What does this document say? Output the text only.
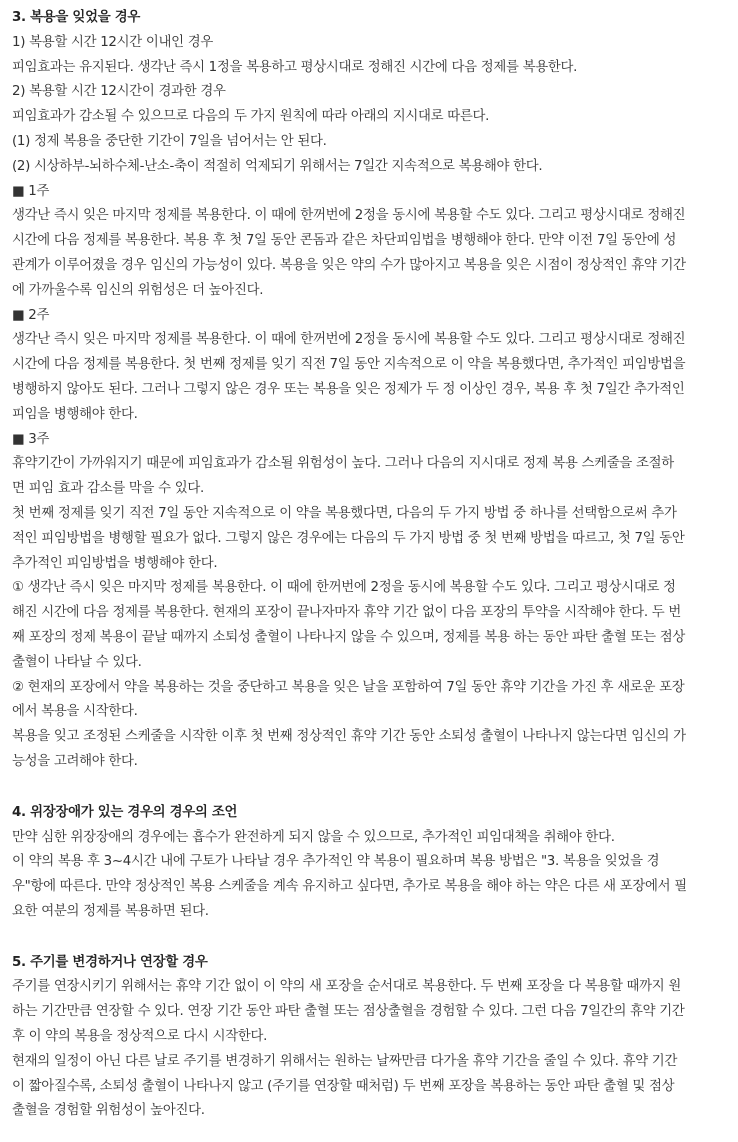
3. 복용을 잊었을 경우
1) 복용할 시간 12시간 이내인 경우
피임효과는 유지된다. 생각난 즉시 1정을 복용하고 평상시대로 정해진 시간에 다음 정제를 복용한다.
2) 복용할 시간 12시간이 경과한 경우
피임효과가 감소될 수 있으므로 다음의 두 가지 원칙에 따라 아래의 지시대로 따른다.
(1) 정제 복용을 중단한 기간이 7일을 넘어서는 안 된다.
(2) 시상하부-뇌하수체-난소-축이 적절히 억제되기 위해서는 7일간 지속적으로 복용해야 한다.
■ 1주
생각난 즉시 잊은 마지막 정제를 복용한다. 이 때에 한꺼번에 2정을 동시에 복용할 수도 있다. 그리고 평상시대로 정해진
시간에 다음 정제를 복용한다. 복용 후 첫 7일 동안 콘돔과 같은 차단피임법을 병행해야 한다. 만약 이전 7일 동안에 성
관계가 이루어졌을 경우 임신의 가능성이 있다. 복용을 잊은 약의 수가 많아지고 복용을 잊은 시점이 정상적인 휴약 기간
에 가까울수록 임신의 위험성은 더 높아진다.
■ 2주
생각난 즉시 잊은 마지막 정제를 복용한다. 이 때에 한꺼번에 2정을 동시에 복용할 수도 있다. 그리고 평상시대로 정해진
시간에 다음 정제를 복용한다. 첫 번째 정제를 잊기 직전 7일 동안 지속적으로 이 약을 복용했다면, 추가적인 피임방법을
병행하지 않아도 된다. 그러나 그렇지 않은 경우 또는 복용을 잊은 정제가 두 정 이상인 경우, 복용 후 첫 7일간 추가적인
피임을 병행해야 한다.
■ 3주
휴약기간이 가까워지기 때문에 피임효과가 감소될 위험성이 높다. 그러나 다음의 지시대로 정제 복용 스케줄을 조절하
면 피임 효과 감소를 막을 수 있다.
첫 번째 정제를 잊기 직전 7일 동안 지속적으로 이 약을 복용했다면, 다음의 두 가지 방법 중 하나를 선택함으로써 추가
적인 피임방법을 병행할 필요가 없다. 그렇지 않은 경우에는 다음의 두 가지 방법 중 첫 번째 방법을 따르고, 첫 7일 동안
추가적인 피임방법을 병행해야 한다.
① 생각난 즉시 잊은 마지막 정제를 복용한다. 이 때에 한꺼번에 2정을 동시에 복용할 수도 있다. 그리고 평상시대로 정
해진 시간에 다음 정제를 복용한다. 현재의 포장이 끝나자마자 휴약 기간 없이 다음 포장의 투약을 시작해야 한다. 두 번
째 포장의 정제 복용이 끝날 때까지 소퇴성 출혈이 나타나지 않을 수 있으며, 정제를 복용 하는 동안 파탄 출혈 또는 점상
출혈이 나타날 수 있다.
② 현재의 포장에서 약을 복용하는 것을 중단하고 복용을 잊은 날을 포함하여 7일 동안 휴약 기간을 가진 후 새로운 포장
에서 복용을 시작한다.
복용을 잊고 조정된 스케줄을 시작한 이후 첫 번째 정상적인 휴약 기간 동안 소퇴성 출혈이 나타나지 않는다면 임신의 가
능성을 고려해야 한다.
4. 위장장애가 있는 경우의 경우의 조언
만약 심한 위장장애의 경우에는 흡수가 완전하게 되지 않을 수 있으므로, 추가적인 피임대책을 취해야 한다.
이 약의 복용 후 3~4시간 내에 구토가 나타날 경우 추가적인 약 복용이 필요하며 복용 방법은 "3. 복용을 잊었을 경
우"항에 따른다. 만약 정상적인 복용 스케줄을 계속 유지하고 싶다면, 추가로 복용을 해야 하는 약은 다른 새 포장에서 필
요한 여분의 정제를 복용하면 된다.
5. 주기를 변경하거나 연장할 경우
주기를 연장시키기 위해서는 휴약 기간 없이 이 약의 새 포장을 순서대로 복용한다. 두 번째 포장을 다 복용할 때까지 원
하는 기간만큼 연장할 수 있다. 연장 기간 동안 파탄 출혈 또는 점상출혈을 경험할 수 있다. 그런 다음 7일간의 휴약 기간
후 이 약의 복용을 정상적으로 다시 시작한다.
현재의 일정이 아닌 다른 날로 주기를 변경하기 위해서는 원하는 날짜만큼 다가올 휴약 기간을 줄일 수 있다. 휴약 기간
이 짧아질수록, 소퇴성 출혈이 나타나지 않고 (주기를 연장할 때처럼) 두 번째 포장을 복용하는 동안 파탄 출혈 및 점상
출혈을 경험할 위험성이 높아진다.
